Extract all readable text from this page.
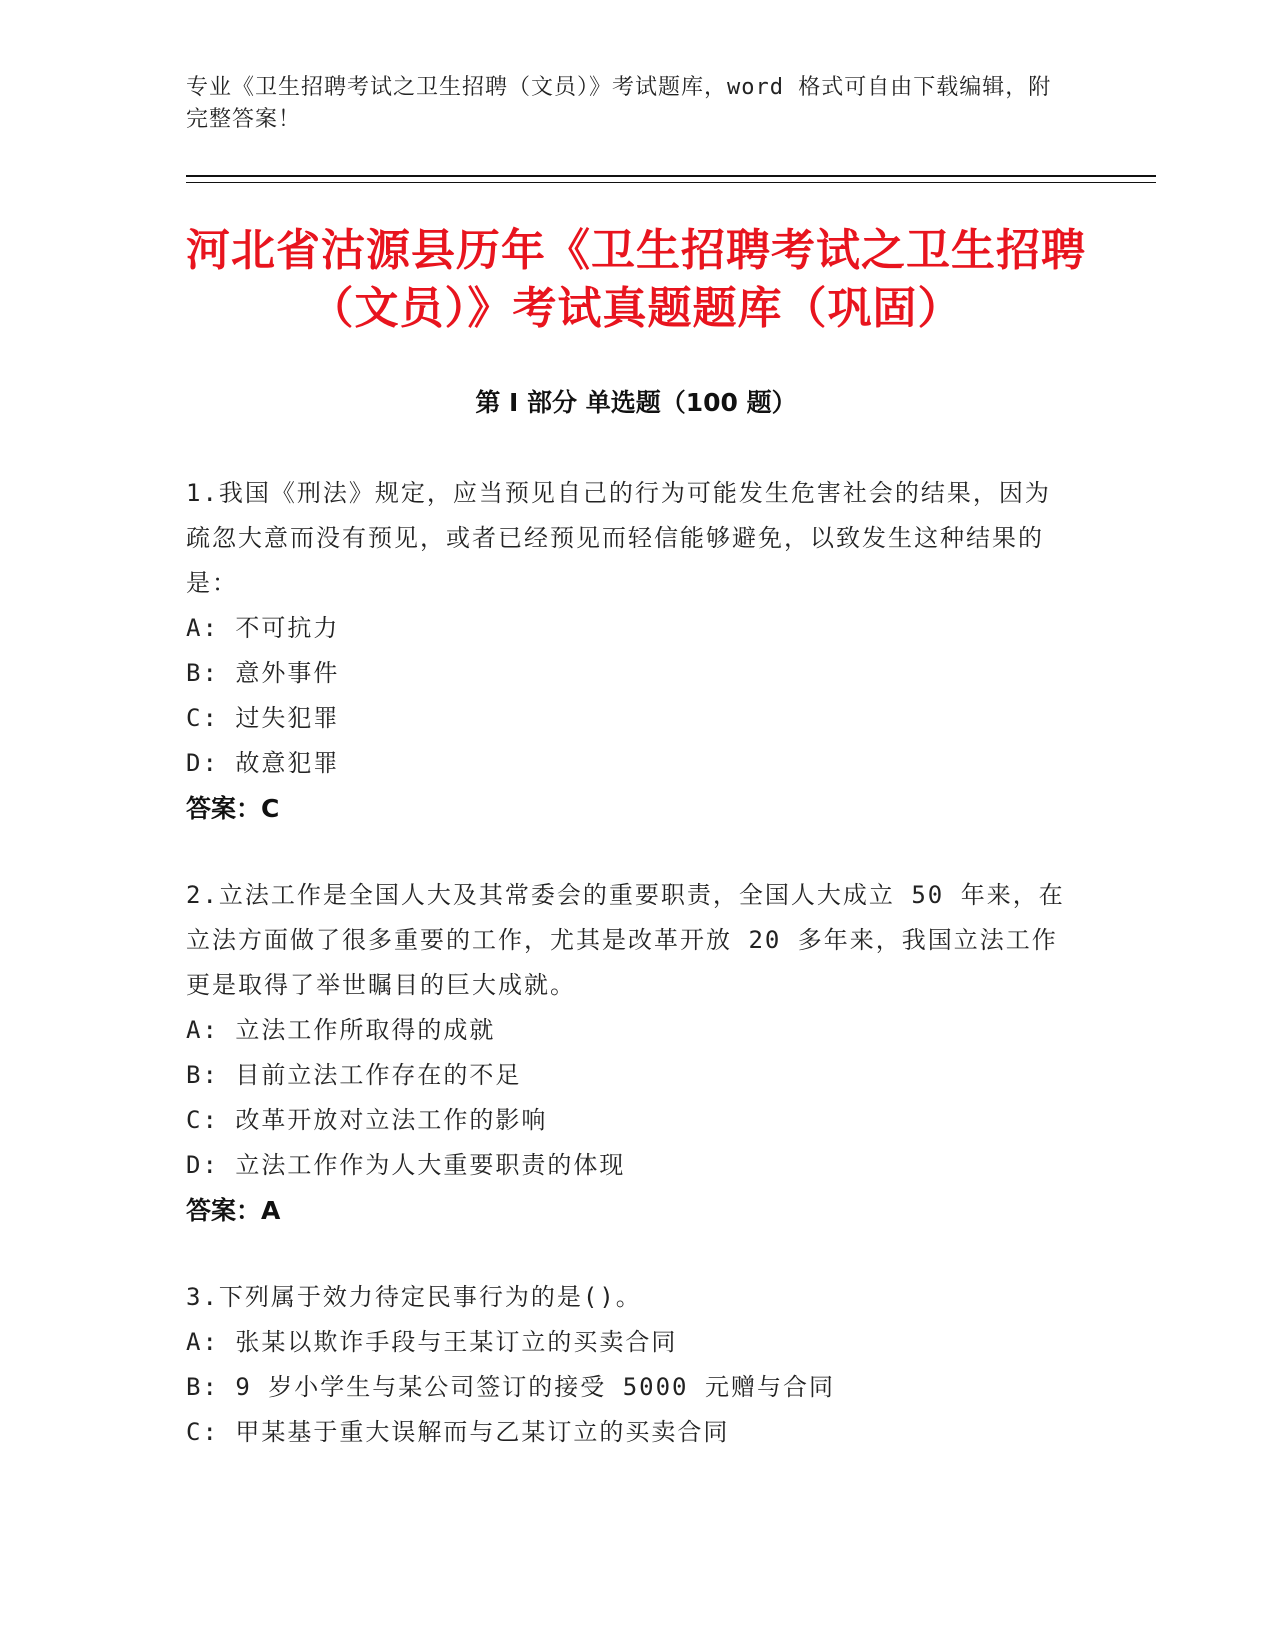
专业《卫生招聘考试之卫生招聘（文员）》考试题库，word 格式可自由下载编辑，附完整答案！
河北省沽源县历年《卫生招聘考试之卫生招聘（文员）》考试真题题库（巩固）
第 I 部分 单选题（100 题）
1.我国《刑法》规定，应当预见自己的行为可能发生危害社会的结果，因为疏忽大意而没有预见，或者已经预见而轻信能够避免，以致发生这种结果的是：
A: 不可抗力
B: 意外事件
C: 过失犯罪
D: 故意犯罪
答案：C
2.立法工作是全国人大及其常委会的重要职责，全国人大成立 50 年来，在立法方面做了很多重要的工作，尤其是改革开放 20 多年来，我国立法工作更是取得了举世瞩目的巨大成就。
A: 立法工作所取得的成就
B: 目前立法工作存在的不足
C: 改革开放对立法工作的影响
D: 立法工作作为人大重要职责的体现
答案：A
3.下列属于效力待定民事行为的是()。
A: 张某以欺诈手段与王某订立的买卖合同
B: 9 岁小学生与某公司签订的接受 5000 元赠与合同
C: 甲某基于重大误解而与乙某订立的买卖合同
